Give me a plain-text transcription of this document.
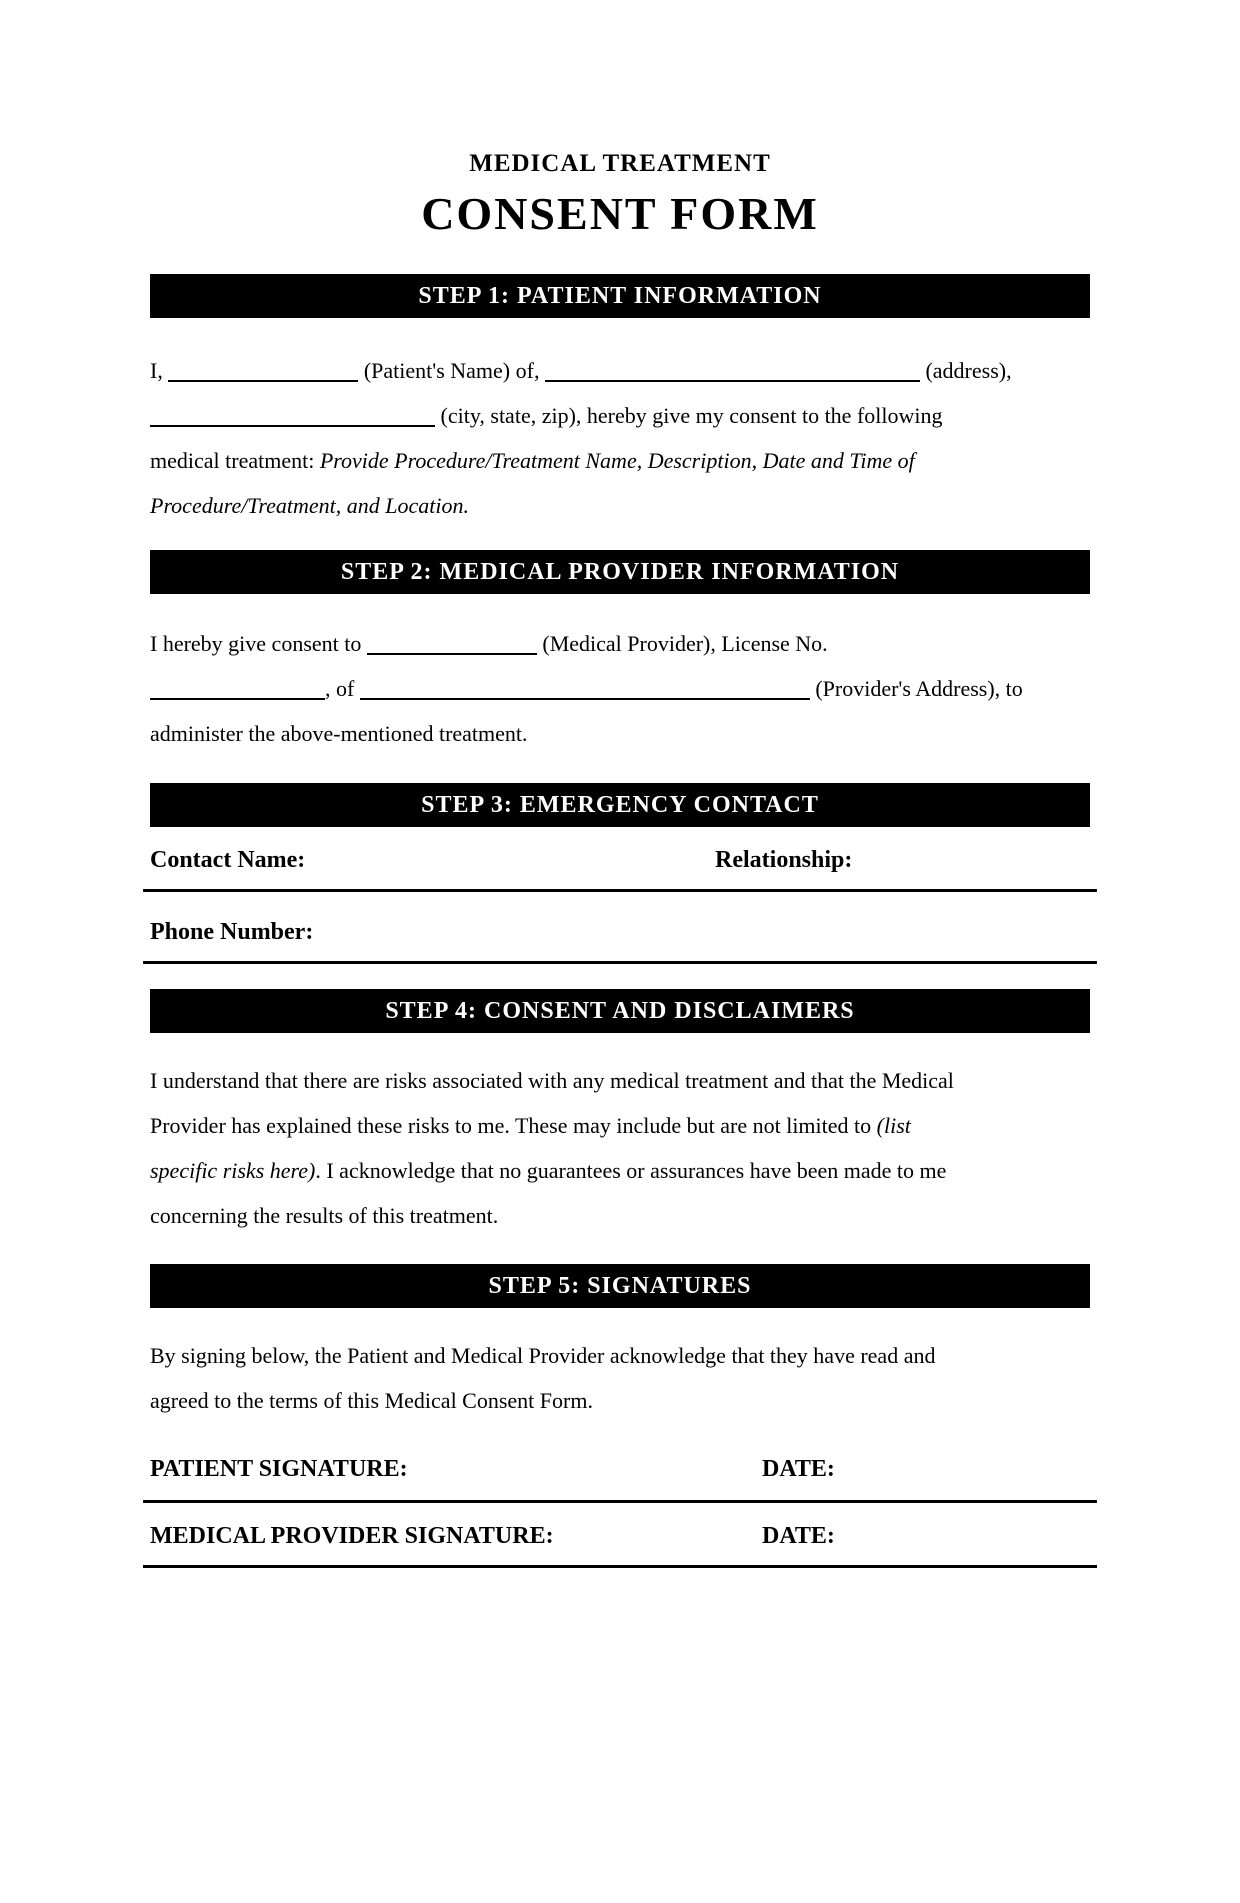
MEDICAL TREATMENT
CONSENT FORM
STEP 1: PATIENT INFORMATION
I,	(Patient's Name) of,	(address),
(city, state, zip), hereby give my consent to the following
medical treatment: Provide Procedure/Treatment Name, Description, Date and Time of
Procedure/Treatment, and Location.
STEP 2: MEDICAL PROVIDER INFORMATION
I hereby give consent to	(Medical Provider), License No.
, of	(Provider's Address), to
administer the above-mentioned treatment.
STEP 3: EMERGENCY CONTACT
Contact Name:	Relationship:
Phone Number:
STEP 4: CONSENT AND DISCLAIMERS
I understand that there are risks associated with any medical treatment and that the Medical
Provider has explained these risks to me. These may include but are not limited to (list
specific risks here). I acknowledge that no guarantees or assurances have been made to me
concerning the results of this treatment.
STEP 5: SIGNATURES
By signing below, the Patient and Medical Provider acknowledge that they have read and
agreed to the terms of this Medical Consent Form.
PATIENT SIGNATURE:	DATE:
MEDICAL PROVIDER SIGNATURE:	DATE:
